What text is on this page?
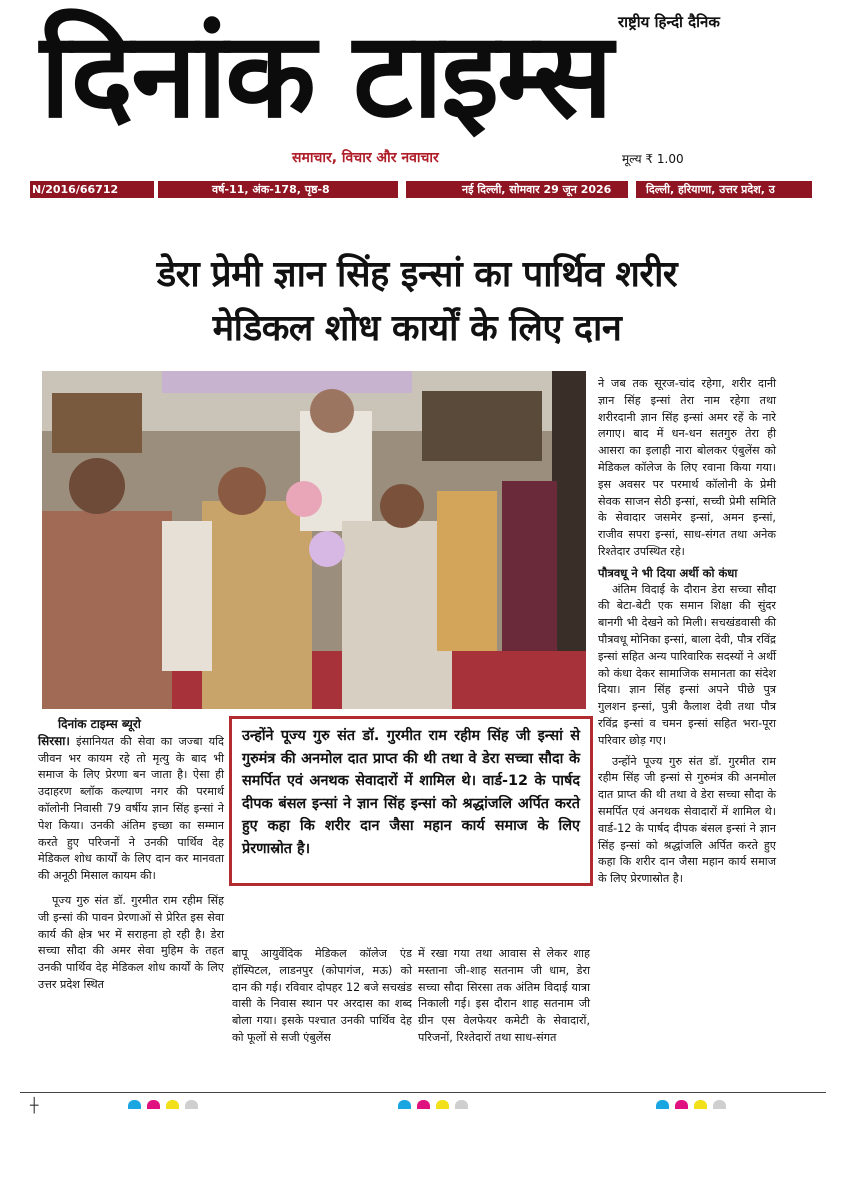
दिनांक टाइम्स राष्ट्रीय हिन्दी दैनिक
समाचार, विचार और नवाचार	मूल्य ₹ 1.00
N/2016/66712	वर्ष-11, अंक-178, पृष्ठ-8	नई दिल्ली, सोमवार 29 जून 2026	दिल्ली, हरियाणा, उत्तर प्रदेश, उ
डेरा प्रेमी ज्ञान सिंह इन्सां का पार्थिव शरीर
मेडिकल शोध कार्यों के लिए दान

दिनांक टाइम्स ब्यूरो

सिरसा। इंसानियत की सेवा का जज्बा यदि जीवन भर कायम रहे तो मृत्यु के बाद भी समाज के लिए प्रेरणा बन जाता है। ऐसा ही उदाहरण ब्लॉक कल्याण नगर की परमार्थ कॉलोनी निवासी 79 वर्षीय ज्ञान सिंह इन्सां ने पेश किया। उनकी अंतिम इच्छा का सम्मान करते हुए परिजनों ने उनकी पार्थिव देह मेडिकल शोध कार्यों के लिए दान कर मानवता की अनूठी मिसाल कायम की।

पूज्य गुरु संत डॉ. गुरमीत राम रहीम सिंह जी इन्सां की पावन प्रेरणाओं से प्रेरित इस सेवा कार्य की क्षेत्र भर में सराहना हो रही है। डेरा सच्चा सौदा की अमर सेवा मुहिम के तहत उनकी पार्थिव देह मेडिकल शोध कार्यों के लिए उत्तर प्रदेश स्थित

उन्होंने पूज्य गुरु संत डॉ. गुरमीत राम रहीम सिंह जी इन्सां से गुरुमंत्र की अनमोल दात प्राप्त की थी तथा वे डेरा सच्चा सौदा के समर्पित एवं अनथक सेवादारों में शामिल थे। वार्ड-12 के पार्षद दीपक बंसल इन्सां ने ज्ञान सिंह इन्सां को श्रद्धांजलि अर्पित करते हुए कहा कि शरीर दान जैसा महान कार्य समाज के लिए प्रेरणास्रोत है।

बापू आयुर्वेदिक मेडिकल कॉलेज एंड हॉस्पिटल, लाडनपुर (कोपागंज, मऊ) को दान की गई। रविवार दोपहर 12 बजे सचखंड वासी के निवास स्थान पर अरदास का शब्द बोला गया। इसके पश्चात उनकी पार्थिव देह को फूलों से सजी एंबुलेंस

में रखा गया तथा आवास से लेकर शाह मस्ताना जी-शाह सतनाम जी धाम, डेरा सच्चा सौदा सिरसा तक अंतिम विदाई यात्रा निकाली गई। इस दौरान शाह सतनाम जी ग्रीन एस वेलफेयर कमेटी के सेवादारों, परिजनों, रिश्तेदारों तथा साध-संगत

ने जब तक सूरज-चांद रहेगा, शरीर दानी ज्ञान सिंह इन्सां तेरा नाम रहेगा तथा शरीरदानी ज्ञान सिंह इन्सां अमर रहें के नारे लगाए। बाद में धन-धन सतगुरु तेरा ही आसरा का इलाही नारा बोलकर एंबुलेंस को मेडिकल कॉलेज के लिए रवाना किया गया। इस अवसर पर परमार्थ कॉलोनी के प्रेमी सेवक साजन सेठी इन्सां, सच्ची प्रेमी समिति के सेवादार जसमेर इन्सां, अमन इन्सां, राजीव सपरा इन्सां, साध-संगत तथा अनेक रिश्तेदार उपस्थित रहे।

पौत्रवधू ने भी दिया अर्थी को कंधा

अंतिम विदाई के दौरान डेरा सच्चा सौदा की बेटा-बेटी एक समान शिक्षा की सुंदर बानगी भी देखने को मिली। सचखंडवासी की पौत्रवधू मोनिका इन्सां, बाला देवी, पौत्र रविंद्र इन्सां सहित अन्य पारिवारिक सदस्यों ने अर्थी को कंधा देकर सामाजिक समानता का संदेश दिया। ज्ञान सिंह इन्सां अपने पीछे पुत्र गुलशन इन्सां, पुत्री कैलाश देवी तथा पौत्र रविंद्र इन्सां व चमन इन्सां सहित भरा-पूरा परिवार छोड़ गए।

उन्होंने पूज्य गुरु संत डॉ. गुरमीत राम रहीम सिंह जी इन्सां से गुरुमंत्र की अनमोल दात प्राप्त की थी तथा वे डेरा सच्चा सौदा के समर्पित एवं अनथक सेवादारों में शामिल थे। वार्ड-12 के पार्षद दीपक बंसल इन्सां ने ज्ञान सिंह इन्सां को श्रद्धांजलि अर्पित करते हुए कहा कि शरीर दान जैसा महान कार्य समाज के लिए प्रेरणास्रोत है।

┼
